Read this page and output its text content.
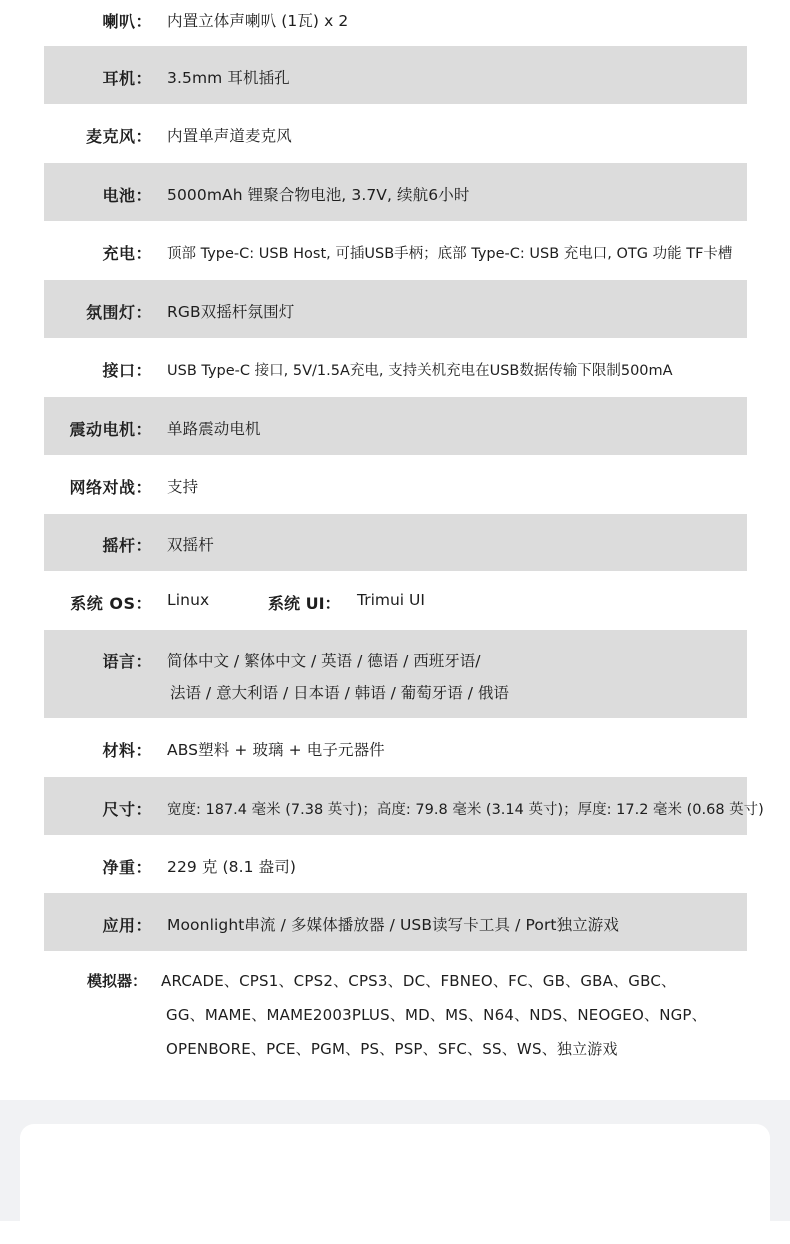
喇叭： 内置立体声喇叭 (1瓦) x 2
耳机： 3.5mm 耳机插孔
麦克风： 内置单声道麦克风
电池： 5000mAh 锂聚合物电池, 3.7V, 续航6小时
充电： 顶部 Type-C: USB Host, 可插USB手柄；底部 Type-C: USB 充电口, OTG 功能 TF卡槽
氛围灯： RGB双摇杆氛围灯
接口： USB Type-C 接口, 5V/1.5A充电, 支持关机充电在USB数据传输下限制500mA
震动电机： 单路震动电机
网络对战： 支持
摇杆： 双摇杆
系统 OS： Linux	系统 UI： Trimui UI
语言： 简体中文 / 繁体中文 / 英语 / 德语 / 西班牙语/
法语 / 意大利语 / 日本语 / 韩语 / 葡萄牙语 / 俄语
材料： ABS塑料 + 玻璃 + 电子元器件
尺寸： 宽度: 187.4 毫米 (7.38 英寸)；高度: 79.8 毫米 (3.14 英寸)；厚度: 17.2 毫米 (0.68 英寸)
净重： 229 克 (8.1 盎司)
应用： Moonlight串流 / 多媒体播放器 / USB读写卡工具 / Port独立游戏
模拟器： ARCADE、CPS1、CPS2、CPS3、DC、FBNEO、FC、GB、GBA、GBC、
GG、MAME、MAME2003PLUS、MD、MS、N64、NDS、NEOGEO、NGP、
OPENBORE、PCE、PGM、PS、PSP、SFC、SS、WS、独立游戏
